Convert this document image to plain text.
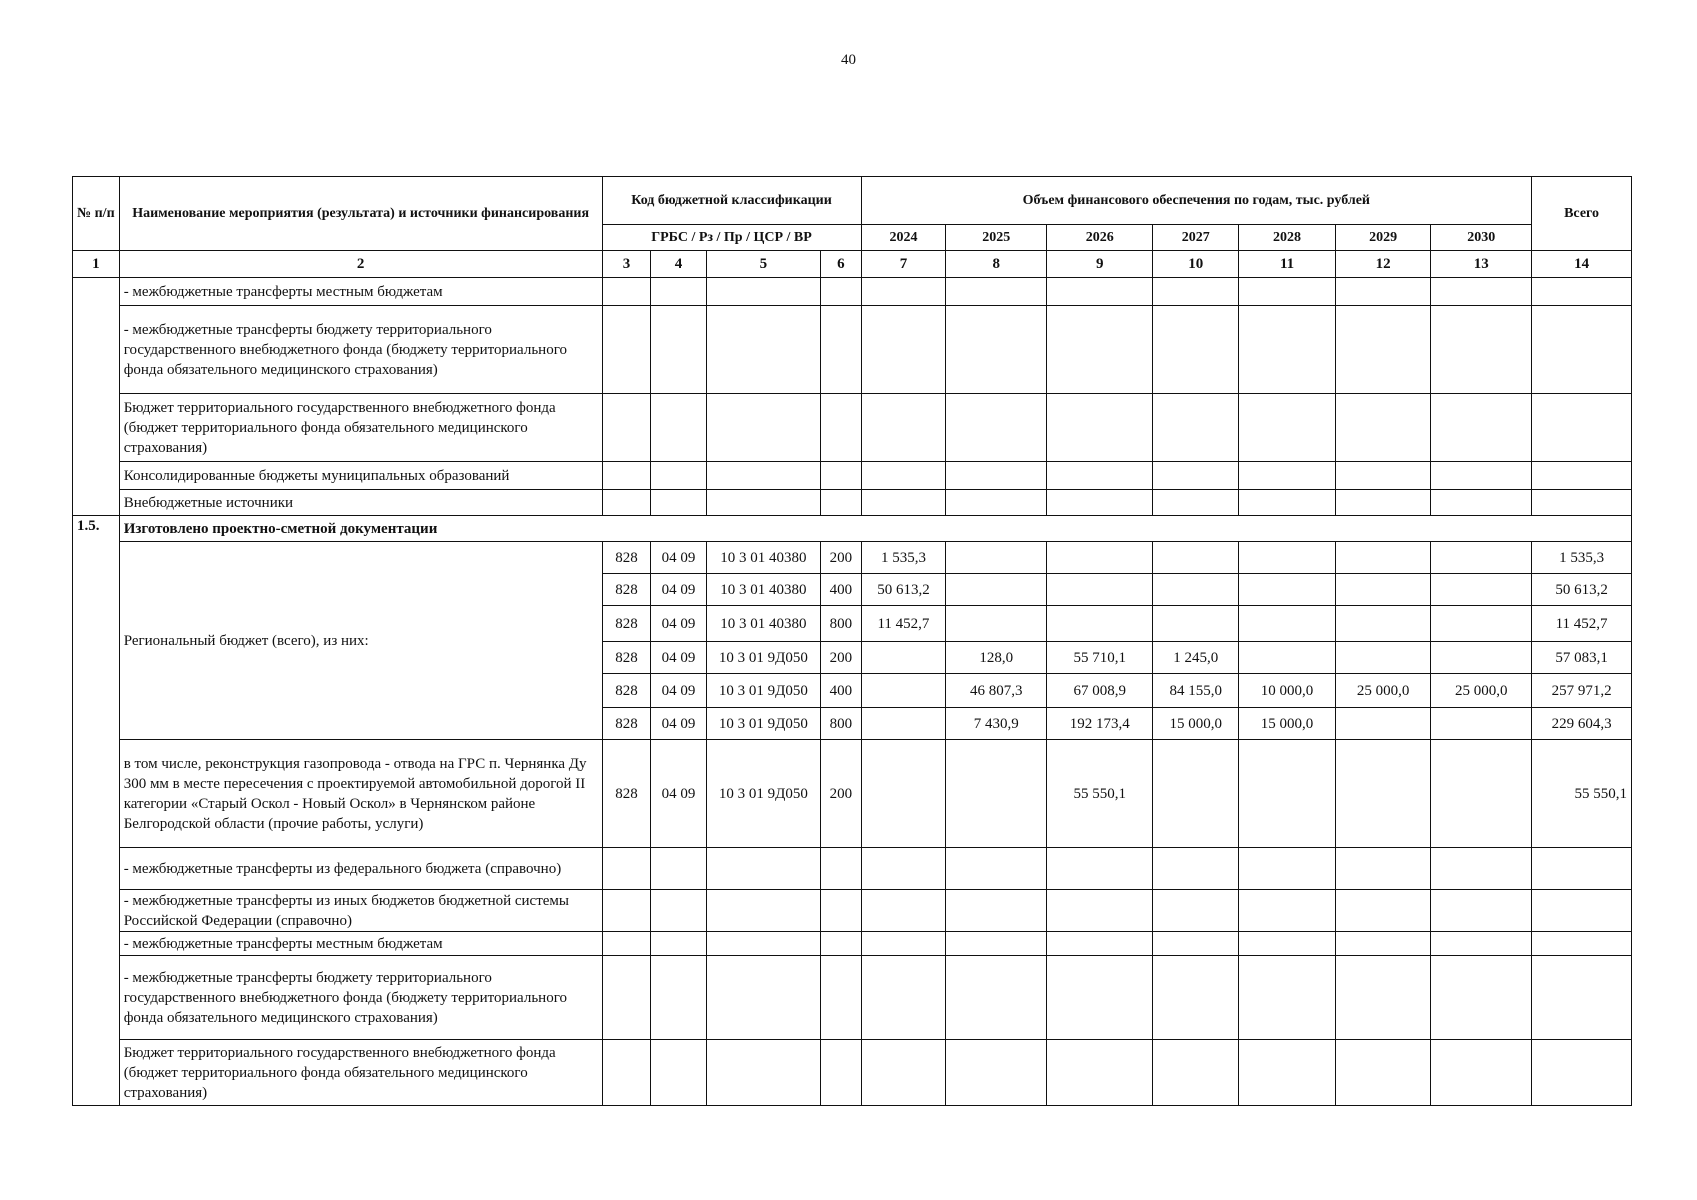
40
№ п/п	Наименование мероприятия (результата) и источники финансирования	Код бюджетной классификации				Объем финансового обеспечения по годам, тыс. рублей							Всего
		ГРБС / Рз / Пр / ЦСР / ВР				2024	2025	2026	2027	2028	2029	2030	
1	2	3	4	5	6	7	8	9	10	11	12	13	14
	- межбюджетные трансферты местным бюджетам												
	- межбюджетные трансферты бюджету территориального государственного внебюджетного фонда (бюджету территориального фонда обязательного медицинского страхования)												
	Бюджет территориального государственного внебюджетного фонда (бюджет территориального фонда обязательного медицинского страхования)												
	Консолидированные бюджеты муниципальных образований												
	Внебюджетные источники												
1.5.	Изготовлено проектно-сметной документации												
	Региональный бюджет (всего), из них:	828	04 09	10 3 01 40380	200	1 535,3							1 535,3
		828	04 09	10 3 01 40380	400	50 613,2							50 613,2
		828	04 09	10 3 01 40380	800	11 452,7							11 452,7
		828	04 09	10 3 01 9Д050	200		128,0	55 710,1	1 245,0				57 083,1
		828	04 09	10 3 01 9Д050	400		46 807,3	67 008,9	84 155,0	10 000,0	25 000,0	25 000,0	257 971,2
		828	04 09	10 3 01 9Д050	800		7 430,9	192 173,4	15 000,0	15 000,0			229 604,3
	в том числе, реконструкция газопровода - отвода на ГРС п. Чернянка Ду 300 мм в месте пересечения с проектируемой автомобильной дорогой II категории «Старый Оскол - Новый Оскол» в Чернянском районе Белгородской области (прочие работы, услуги)	828	04 09	10 3 01 9Д050	200			55 550,1					55 550,1
	- межбюджетные трансферты из федерального бюджета (справочно)												
	- межбюджетные трансферты из иных бюджетов бюджетной системы Российской Федерации (справочно)												
	- межбюджетные трансферты местным бюджетам												
	- межбюджетные трансферты бюджету территориального государственного внебюджетного фонда (бюджету территориального фонда обязательного медицинского страхования)												
	Бюджет территориального государственного внебюджетного фонда (бюджет территориального фонда обязательного медицинского страхования)												
